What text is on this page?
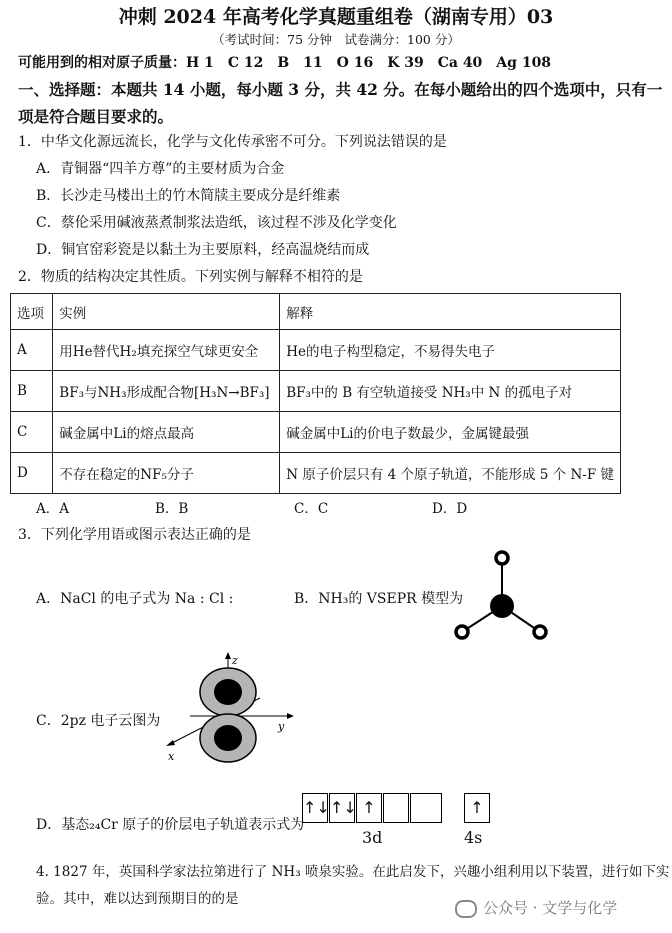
冲刺 2024 年高考化学真题重组卷（湖南专用）03
（考试时间：75 分钟　试卷满分：100 分）
可能用到的相对原子质量：H 1　C 12　B　11　O 16　K 39　Ca 40　Ag 108
一、选择题：本题共 14 小题，每小题 3 分，共 42 分。在每小题给出的四个选项中，只有一项是符合题目要求的。
1．中华文化源远流长，化学与文化传承密不可分。下列说法错误的是
A．青铜器“四羊方尊”的主要材质为合金
B．长沙走马楼出土的竹木简牍主要成分是纤维素
C．蔡伦采用碱液蒸煮制浆法造纸，该过程不涉及化学变化
D．铜官窑彩瓷是以黏土为主要原料，经高温烧结而成
2．物质的结构决定其性质。下列实例与解释不相符的是
选项	实例	解释
A	用He替代H₂填充探空气球更安全	He的电子构型稳定，不易得失电子
B	BF₃与NH₃形成配合物[H₃N→BF₃]	BF₃中的 B 有空轨道接受 NH₃中 N 的孤电子对
C	碱金属中Li的熔点最高	碱金属中Li的价电子数最少，金属键最强
D	不存在稳定的NF₅分子	N 原子价层只有 4 个原子轨道，不能形成 5 个 N-F 键
A．A	B．B	C．C	D．D
3．下列化学用语或图示表达正确的是
A．NaCl 的电子式为 Na : Cl :	B．NH₃的 VSEPR 模型为
C．2pz 电子云图为
z
y
x
D．基态₂₄Cr 原子的价层电子轨道表示式为
↑↓ ↑↓ ↑	↑
3d	4s
4. 1827 年，英国科学家法拉第进行了 NH₃ 喷泉实验。在此启发下，兴趣小组利用以下装置，进行如下实
验。其中，难以达到预期目的的是	公众号 · 文学与化学
